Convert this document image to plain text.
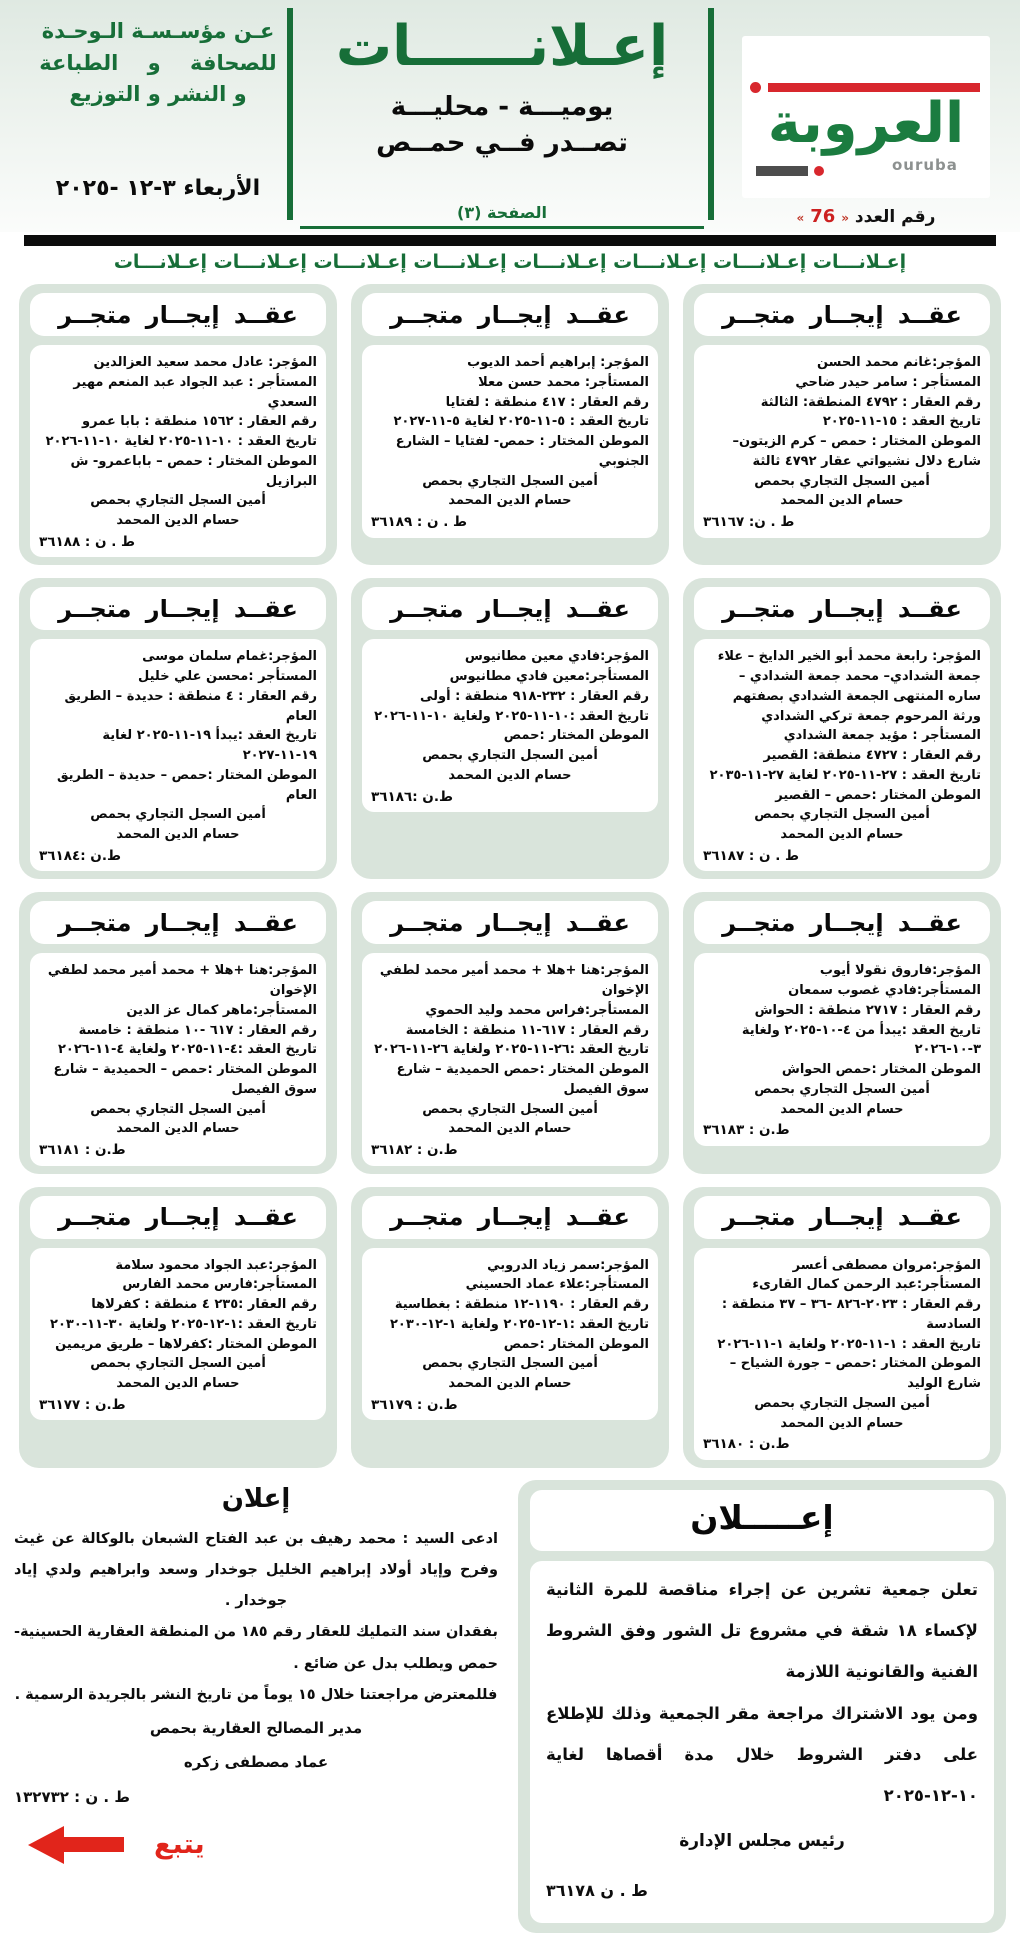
عـن مؤسـسـة الـوحـدة
للصحافة و الطباعة
و النشر و التوزيع
الأربعاء ٣-١٢ -٢٠٢٥
إعـلانــــــات
يوميـــة - محليـــة
تصــدر فــي حمــص
الصفحة (٣)
العروبة
ouruba
رقم العدد « 76 »
إعـلانـــات إعـلانـــات إعـلانـــات إعـلانـــات إعـلانـــات إعـلانـــات إعـلانـــات إعـلانـــات
عقــد إيجــار متجــر
المؤجر:غانم محمد الحسن
المستأجر : سامر حيدر ضاحي
رقم العقار : ٤٧٩٢ المنطقة: الثالثة
تاريخ العقد : ١٥-١١-٢٠٢٥
الموطن المختار : حمص – كرم الزيتون– شارع دلال نشيواتي عقار ٤٧٩٢ ثالثة
أمين السجل التجاري بحمص
حسام الدين المحمد
ط . ن: ٣٦١٦٧
عقــد إيجــار متجــر
المؤجر: إبراهيم أحمد الديوب
المستأجر: محمد حسن معلا
رقم العقار : ٤١٧ منطقة : لفتايا
تاريخ العقد : ٥-١١-٢٠٢٥ لغاية ٥-١١-٢٠٢٧
الموطن المختار : حمص- لفتايا – الشارع الجنوبي
أمين السجل التجاري بحمص
حسام الدين المحمد
ط . ن : ٣٦١٨٩
عقــد إيجــار متجــر
المؤجر: عادل محمد سعيد العزالدين
المستأجر : عبد الجواد عبد المنعم مهير السعدي
رقم العقار : ١٥٦٢ منطقة : بابا عمرو
تاريخ العقد : ١٠-١١-٢٠٢٥ لغاية ١٠-١١-٢٠٢٦
الموطن المختار : حمص – باباعمرو- ش البرازيل
أمين السجل التجاري بحمص
حسام الدين المحمد
ط . ن : ٣٦١٨٨
عقــد إيجــار متجــر
المؤجر: رابعة محمد أبو الخير الدايخ – علاء جمعة الشدادي– محمد جمعة الشدادي – ساره المنتهى الجمعة الشدادي بصفتهم ورثة المرحوم جمعة تركي الشدادي
المستأجر : مؤيد جمعة الشدادي
رقم العقار : ٤٧٢٧ منطقة: القصير
تاريخ العقد : ٢٧-١١-٢٠٢٥ لغاية ٢٧-١١-٢٠٣٥
الموطن المختار :حمص – القصير
أمين السجل التجاري بحمص
حسام الدين المحمد
ط . ن : ٣٦١٨٧
عقــد إيجــار متجــر
المؤجر:فادي معين مطانيوس
المستأجر:معين فادي مطانيوس
رقم العقار : ٢٣٢-٩١٨ منطقة : أولى
تاريخ العقد :١٠-١١-٢٠٢٥ ولغاية ١٠-١١-٢٠٢٦
الموطن المختار :حمص
أمين السجل التجاري بحمص
حسام الدين المحمد
ط.ن :٣٦١٨٦
عقــد إيجــار متجــر
المؤجر:غمام سلمان موسى
المستأجر :محسن علي خليل
رقم العقار : ٤ منطقة : حديدة – الطريق العام
تاريخ العقد :يبدأ ١٩-١١-٢٠٢٥ لغاية ١٩-١١-٢٠٢٧
الموطن المختار :حمص – حديدة – الطريق العام
أمين السجل التجاري بحمص
حسام الدين المحمد
ط.ن :٣٦١٨٤
عقــد إيجــار متجــر
المؤجر:فاروق نقولا أيوب
المستأجر:فادي غصوب سمعان
رقم العقار : ٢٧١٧ منطقة : الحواش
تاريخ العقد :يبدأ من ٤-١٠-٢٠٢٥ ولغاية ٣-١٠-٢٠٢٦
الموطن المختار :حمص الحواش
أمين السجل التجاري بحمص
حسام الدين المحمد
ط.ن : ٣٦١٨٣
عقــد إيجــار متجــر
المؤجر:هنا +هلا + محمد أمير محمد لطفي الإخوان
المستأجر:فراس محمد وليد الحموي
رقم العقار : ٦١٧-١١ منطقة : الخامسة
تاريخ العقد :٢٦-١١-٢٠٢٥ ولغاية ٢٦-١١-٢٠٢٦
الموطن المختار :حمص الحميدية – شارع سوق الفيصل
أمين السجل التجاري بحمص
حسام الدين المحمد
ط.ن : ٣٦١٨٢
عقــد إيجــار متجــر
المؤجر:هنا +هلا + محمد أمير محمد لطفي الإخوان
المستأجر:ماهر كمال عز الدين
رقم العقار : ٦١٧ -١٠ منطقة : خامسة
تاريخ العقد :٤-١١-٢٠٢٥ ولغاية ٤-١١-٢٠٢٦
الموطن المختار :حمص – الحميدية – شارع سوق الفيصل
أمين السجل التجاري بحمص
حسام الدين المحمد
ط.ن : ٣٦١٨١
عقــد إيجــار متجــر
المؤجر:مروان مصطفى أعسر
المستأجر:عبد الرحمن كمال القارىء
رقم العقار : ٢٠٢٣-٨٢٦ -٣٦ – ٣٧ منطقة : السادسة
تاريخ العقد : ١-١١-٢٠٢٥ ولغاية ١-١١-٢٠٢٦
الموطن المختار :حمص – جورة الشياح – شارع الوليد
أمين السجل التجاري بحمص
حسام الدين المحمد
ط.ن : ٣٦١٨٠
عقــد إيجــار متجــر
المؤجر:سمر زياد الدروبي
المستأجر:علاء عماد الحسيني
رقم العقار : ١١٩٠-١٢ منطقة : بغطاسية
تاريخ العقد :١-١٢-٢٠٢٥ ولغاية ١-١٢-٢٠٣٠
الموطن المختار :حمص
أمين السجل التجاري بحمص
حسام الدين المحمد
ط.ن : ٣٦١٧٩
عقــد إيجــار متجــر
المؤجر:عبد الجواد محمود سلامة
المستأجر:فارس محمد الفارس
رقم العقار :٢٣٥ ٤ منطقة : كفرلاها
تاريخ العقد :١-١٢-٢٠٢٥ ولغاية ٣٠-١١-٢٠٣٠
الموطن المختار :كفرلاها – طريق مريمين
أمين السجل التجاري بحمص
حسام الدين المحمد
ط.ن : ٣٦١٧٧
إعـــــلان

تعلن جمعية تشرين عن إجراء مناقصة للمرة الثانية لإكساء ١٨ شقة في مشروع تل الشور وفق الشروط الفنية والقانونية اللازمة

ومن يود الاشتراك مراجعة مقر الجمعية وذلك للإطلاع على دفتر الشروط خلال مدة أقصاها لغاية ١٠-١٢-٢٠٢٥

رئيس مجلس الإدارة
ط . ن ٣٦١٧٨
إعلان

ادعى السيد : محمد رهيف بن عبد الفتاح الشبعان بالوكالة عن غيث وفرح وإياد أولاد إبراهيم الخليل جوخدار وسعد وابراهيم ولدي إياد جوخدار .

بفقدان سند التمليك للعقار رقم ١٨٥ من المنطقة العقارية الحسينية- حمص ويطلب بدل عن ضائع .

فللمعترض مراجعتنا خلال ١٥ يوماً من تاريخ النشر بالجريدة الرسمية .

مدير المصالح العقارية بحمص
عماد مصطفى زكره
ط . ن : ١٣٢٧٣٢
يتبع
